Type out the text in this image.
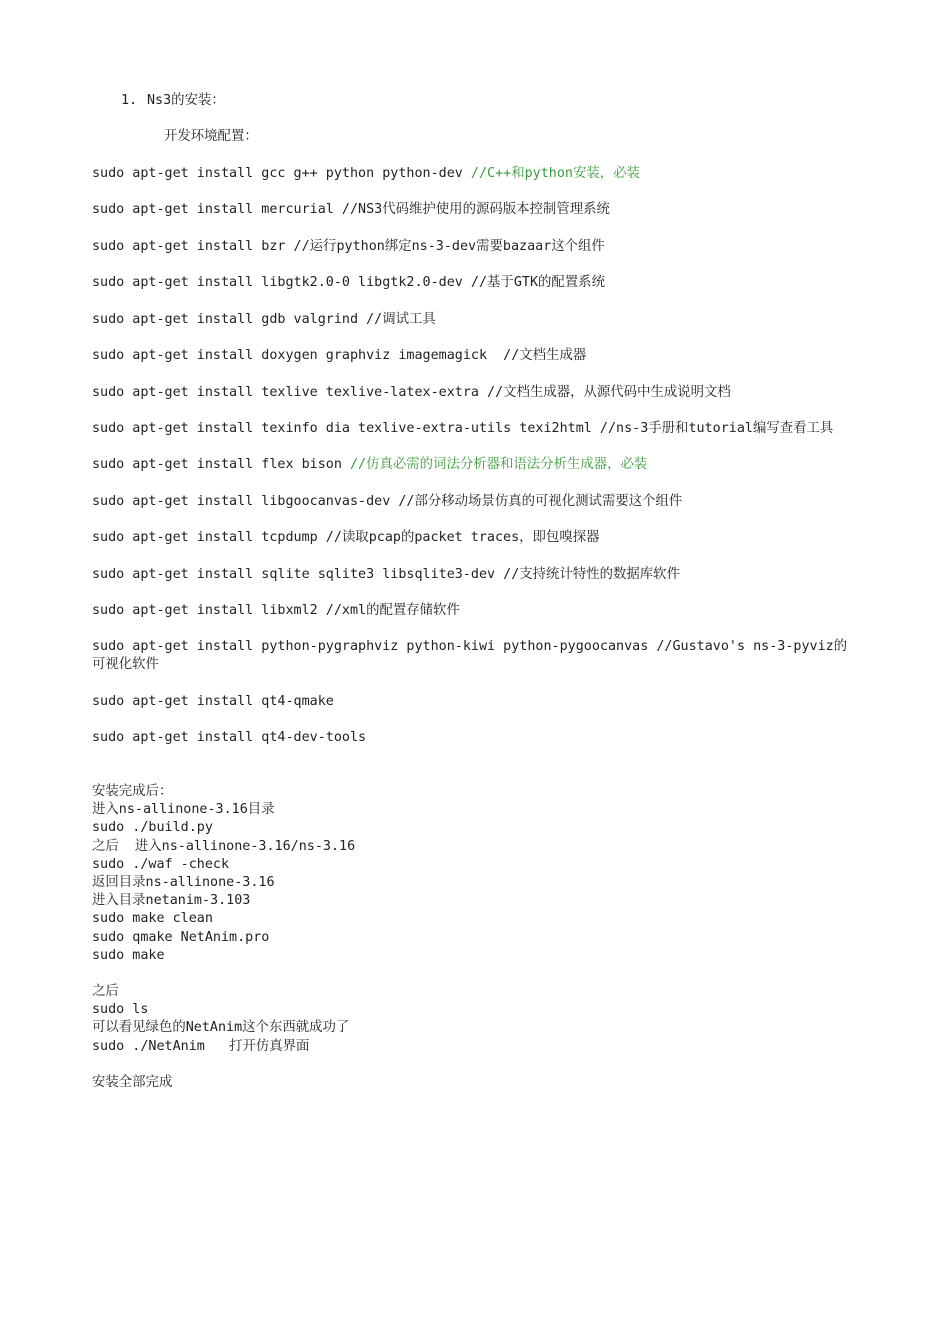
1. Ns3的安装：
开发环境配置：
sudo apt-get install gcc g++ python python-dev //C++和python安装，必装
sudo apt-get install mercurial //NS3代码维护使用的源码版本控制管理系统
sudo apt-get install bzr //运行python绑定ns-3-dev需要bazaar这个组件
sudo apt-get install libgtk2.0-0 libgtk2.0-dev //基于GTK的配置系统
sudo apt-get install gdb valgrind //调试工具
sudo apt-get install doxygen graphviz imagemagick  //文档生成器
sudo apt-get install texlive texlive-latex-extra //文档生成器，从源代码中生成说明文档
sudo apt-get install texinfo dia texlive-extra-utils texi2html //ns-3手册和tutorial编写查看工具
sudo apt-get install flex bison //仿真必需的词法分析器和语法分析生成器，必装
sudo apt-get install libgoocanvas-dev //部分移动场景仿真的可视化测试需要这个组件
sudo apt-get install tcpdump //读取pcap的packet traces，即包嗅探器
sudo apt-get install sqlite sqlite3 libsqlite3-dev //支持统计特性的数据库软件
sudo apt-get install libxml2 //xml的配置存储软件
sudo apt-get install python-pygraphviz python-kiwi python-pygoocanvas //Gustavo's ns-3-pyviz的
可视化软件
sudo apt-get install qt4-qmake
sudo apt-get install qt4-dev-tools
安装完成后：
进入ns-allinone-3.16目录
sudo ./build.py
之后  进入ns-allinone-3.16/ns-3.16
sudo ./waf -check
返回目录ns-allinone-3.16
进入目录netanim-3.103
sudo make clean
sudo qmake NetAnim.pro
sudo make
之后
sudo ls
可以看见绿色的NetAnim这个东西就成功了
sudo ./NetAnim   打开仿真界面
安装全部完成
